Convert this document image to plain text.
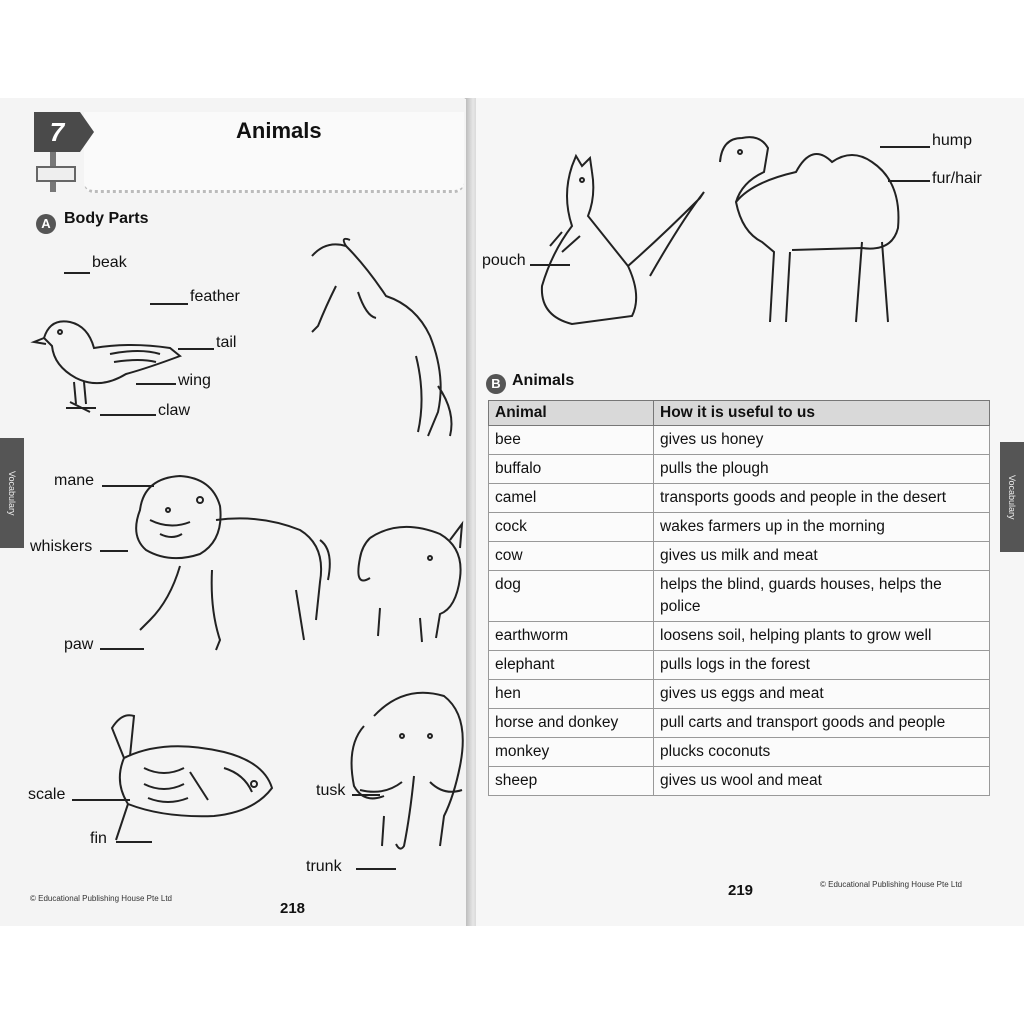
7	Animals
A Body Parts
beak
feather
tail
wing
claw
mane
whiskers
paw
scale
fin
tusk
trunk
Vocabulary
© Educational Publishing House Pte Ltd
218
pouch
hump
fur/hair
B Animals
Animal	How it is useful to us
bee	gives us honey
buffalo	pulls the plough
camel	transports goods and people in the desert
cock	wakes farmers up in the morning
cow	gives us milk and meat
dog	helps the blind, guards houses, helps the police
earthworm	loosens soil, helping plants to grow well
elephant	pulls logs in the forest
hen	gives us eggs and meat
horse and donkey	pull carts and transport goods and people
monkey	plucks coconuts
sheep	gives us wool and meat
Vocabulary
219	© Educational Publishing House Pte Ltd
